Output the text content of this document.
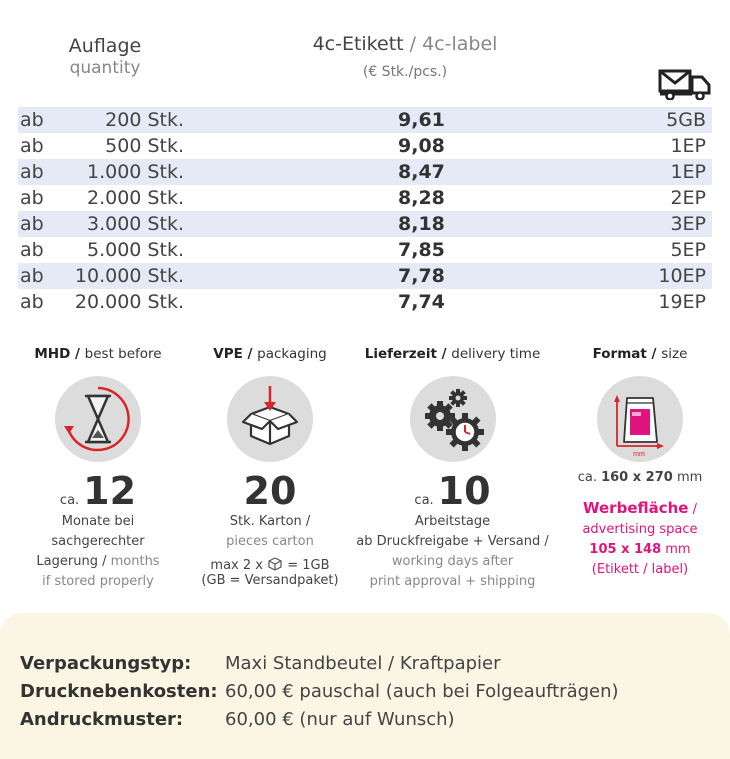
Auflage
quantity
4c-Etikett / 4c-label
(€ Stk./pcs.)
ab	200 Stk.	9,61	5GB
ab	500 Stk.	9,08	1EP
ab 1.000 Stk.	8,47	1EP
ab 2.000 Stk.	8,28	2EP
ab 3.000 Stk.	8,18	3EP
ab 5.000 Stk.	7,85	5EP
ab 10.000 Stk.	7,78	10EP
ab 20.000 Stk.	7,74	19EP
MHD / best before
ca. 12
Monate bei
sachgerechter
Lagerung / months
if stored properly
VPE / packaging
20
Stk. Karton /
pieces carton
max 2 x = 1GB
(GB = Versandpaket)
Lieferzeit / delivery time
ca. 10
Arbeitstage
ab Druckfreigabe + Versand /
working days after
print approval + shipping
Format / size
mm
ca. 160 x 270 mm
Werbefläche /
advertising space
105 x 148 mm
(Etikett / label)
Verpackungstyp:	Maxi Standbeutel / Kraftpapier
Drucknebenkosten: 60,00 € pauschal (auch bei Folgeaufträgen)
Andruckmuster:	60,00 € (nur auf Wunsch)
